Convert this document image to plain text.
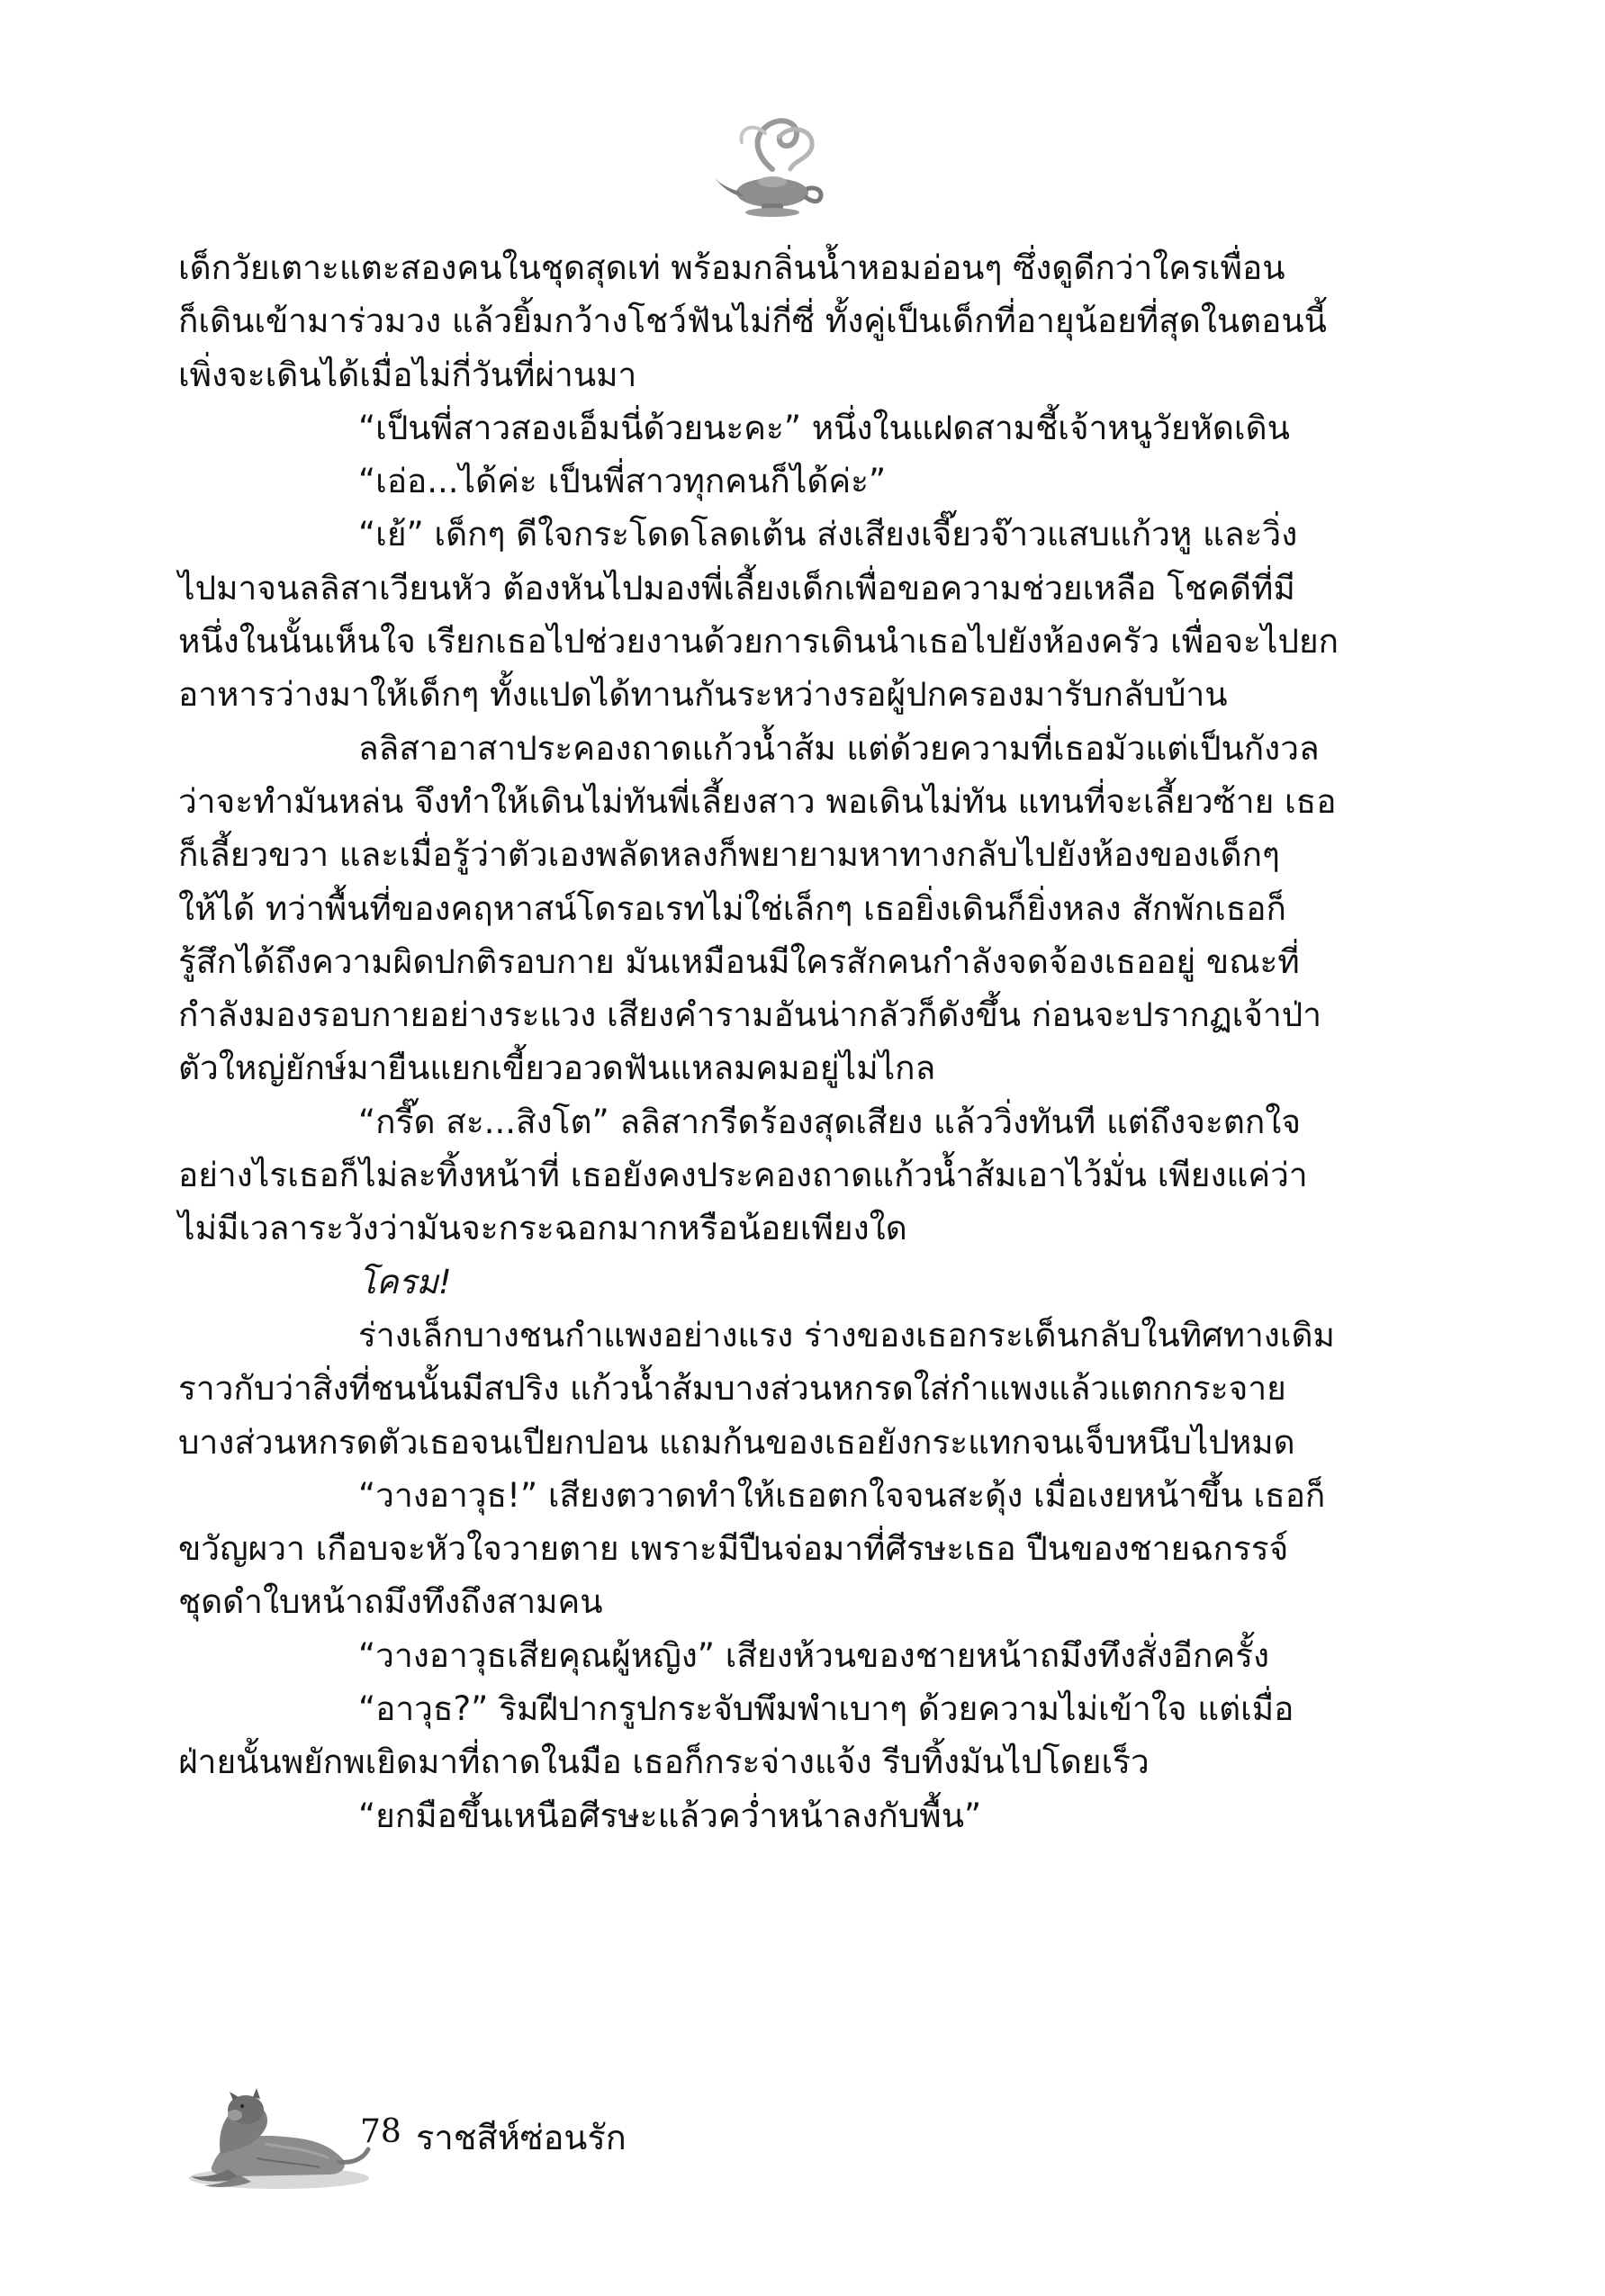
เด็กวัยเตาะแตะสองคนในชุดสุดเท่ พร้อมกลิ่นน้ำหอมอ่อนๆ ซึ่งดูดีกว่าใครเพื่อน

ก็เดินเข้ามาร่วมวง แล้วยิ้มกว้างโชว์ฟันไม่กี่ซี่ ทั้งคู่เป็นเด็กที่อายุน้อยที่สุดในตอนนี้

เพิ่งจะเดินได้เมื่อไม่กี่วันที่ผ่านมา

“เป็นพี่สาวสองเอ็มนี่ด้วยนะคะ” หนึ่งในแฝดสามชี้เจ้าหนูวัยหัดเดิน

“เอ่อ...ได้ค่ะ เป็นพี่สาวทุกคนก็ได้ค่ะ”

“เย้” เด็กๆ ดีใจกระโดดโลดเต้น ส่งเสียงเจี๊ยวจ๊าวแสบแก้วหู และวิ่ง

ไปมาจนลลิสาเวียนหัว ต้องหันไปมองพี่เลี้ยงเด็กเพื่อขอความช่วยเหลือ โชคดีที่มี

หนึ่งในนั้นเห็นใจ เรียกเธอไปช่วยงานด้วยการเดินนำเธอไปยังห้องครัว เพื่อจะไปยก

อาหารว่างมาให้เด็กๆ ทั้งแปดได้ทานกันระหว่างรอผู้ปกครองมารับกลับบ้าน

ลลิสาอาสาประคองถาดแก้วน้ำส้ม แต่ด้วยความที่เธอมัวแต่เป็นกังวล

ว่าจะทำมันหล่น จึงทำให้เดินไม่ทันพี่เลี้ยงสาว พอเดินไม่ทัน แทนที่จะเลี้ยวซ้าย เธอ

ก็เลี้ยวขวา และเมื่อรู้ว่าตัวเองพลัดหลงก็พยายามหาทางกลับไปยังห้องของเด็กๆ

ให้ได้ ทว่าพื้นที่ของคฤหาสน์โดรอเรทไม่ใช่เล็กๆ เธอยิ่งเดินก็ยิ่งหลง สักพักเธอก็

รู้สึกได้ถึงความผิดปกติรอบกาย มันเหมือนมีใครสักคนกำลังจดจ้องเธออยู่ ขณะที่

กำลังมองรอบกายอย่างระแวง เสียงคำรามอันน่ากลัวก็ดังขึ้น ก่อนจะปรากฏเจ้าป่า

ตัวใหญ่ยักษ์มายืนแยกเขี้ยวอวดฟันแหลมคมอยู่ไม่ไกล

“กรี๊ด สะ...สิงโต” ลลิสากรีดร้องสุดเสียง แล้ววิ่งทันที แต่ถึงจะตกใจ

อย่างไรเธอก็ไม่ละทิ้งหน้าที่ เธอยังคงประคองถาดแก้วน้ำส้มเอาไว้มั่น เพียงแค่ว่า

ไม่มีเวลาระวังว่ามันจะกระฉอกมากหรือน้อยเพียงใด

โครม!

ร่างเล็กบางชนกำแพงอย่างแรง ร่างของเธอกระเด็นกลับในทิศทางเดิม

ราวกับว่าสิ่งที่ชนนั้นมีสปริง แก้วน้ำส้มบางส่วนหกรดใส่กำแพงแล้วแตกกระจาย

บางส่วนหกรดตัวเธอจนเปียกปอน แถมก้นของเธอยังกระแทกจนเจ็บหนึบไปหมด

“วางอาวุธ!” เสียงตวาดทำให้เธอตกใจจนสะดุ้ง เมื่อเงยหน้าขึ้น เธอก็

ขวัญผวา เกือบจะหัวใจวายตาย เพราะมีปืนจ่อมาที่ศีรษะเธอ ปืนของชายฉกรรจ์

ชุดดำใบหน้าถมึงทึงถึงสามคน

“วางอาวุธเสียคุณผู้หญิง” เสียงห้วนของชายหน้าถมึงทึงสั่งอีกครั้ง

“อาวุธ?” ริมฝีปากรูปกระจับพึมพำเบาๆ ด้วยความไม่เข้าใจ แต่เมื่อ

ฝ่ายนั้นพยักพเยิดมาที่ถาดในมือ เธอก็กระจ่างแจ้ง รีบทิ้งมันไปโดยเร็ว

“ยกมือขึ้นเหนือศีรษะแล้วคว่ำหน้าลงกับพื้น”

78 ราชสีห์ซ่อนรัก
